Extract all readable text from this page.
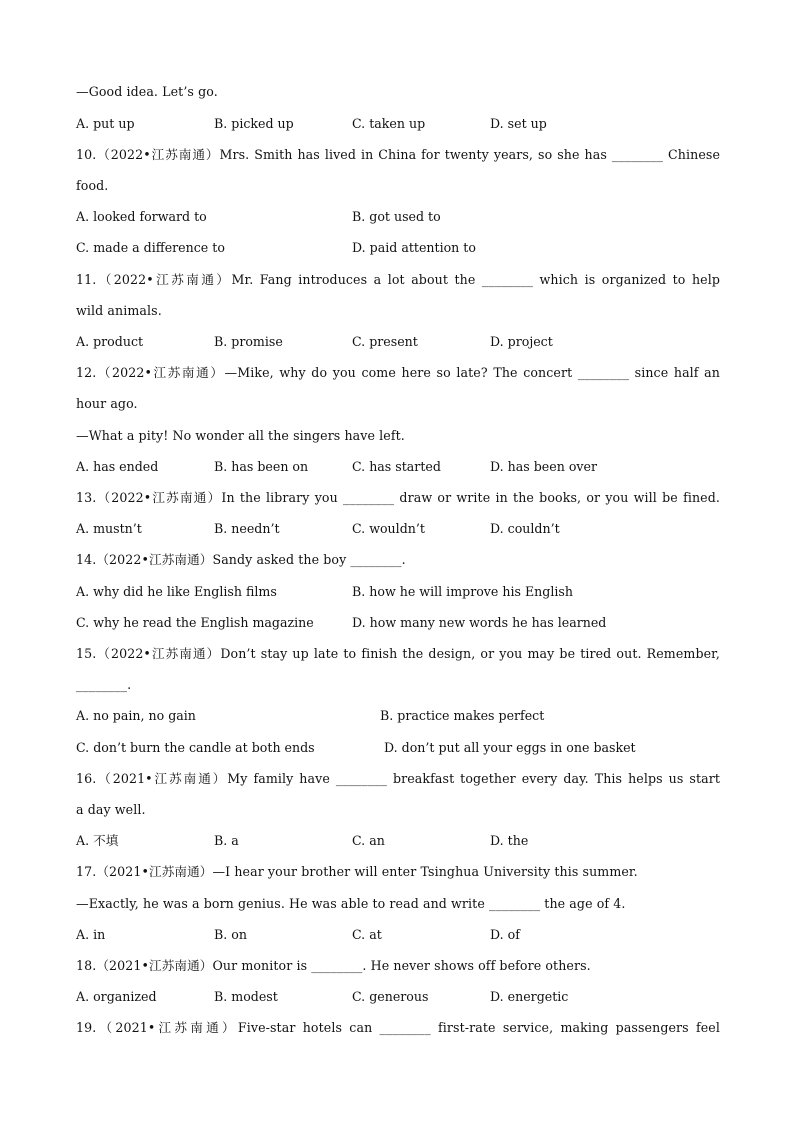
—Good idea. Let’s go.
A. put up	B. picked up	C. taken up	D. set up
10.（2022•江苏南通）Mrs. Smith has lived in China for twenty years, so she has ________ Chinese
food.
A. looked forward to	B. got used to
C. made a difference to	D. paid attention to
11.（2022•江苏南通）Mr. Fang introduces a lot about the ________ which is organized to help
wild animals.
A. product	B. promise	C. present	D. project
12.（2022•江苏南通）—Mike, why do you come here so late? The concert ________ since half an
hour ago.
—What a pity! No wonder all the singers have left.
A. has ended	B. has been on	C. has started	D. has been over
13.（2022•江苏南通）In the library you ________ draw or write in the books, or you will be fined.
A. mustn’t	B. needn’t	C. wouldn’t	D. couldn’t
14.（2022•江苏南通）Sandy asked the boy ________.
A. why did he like English films	B. how he will improve his English
C. why he read the English magazine	D. how many new words he has learned
15.（2022•江苏南通）Don’t stay up late to finish the design, or you may be tired out. Remember,
________.
A. no pain, no gain	B. practice makes perfect
C. don’t burn the candle at both ends	D. don’t put all your eggs in one basket
16.（2021•江苏南通）My family have ________ breakfast together every day. This helps us start
a day well.
A. 不填	B. a	C. an	D. the
17.（2021•江苏南通）—I hear your brother will enter Tsinghua University this summer.
—Exactly, he was a born genius. He was able to read and write ________ the age of 4.
A. in	B. on	C. at	D. of
18.（2021•江苏南通）Our monitor is ________. He never shows off before others.
A. organized	B. modest	C. generous	D. energetic
19.（2021•江苏南通）Five-star hotels can ________ first-rate service, making passengers feel
